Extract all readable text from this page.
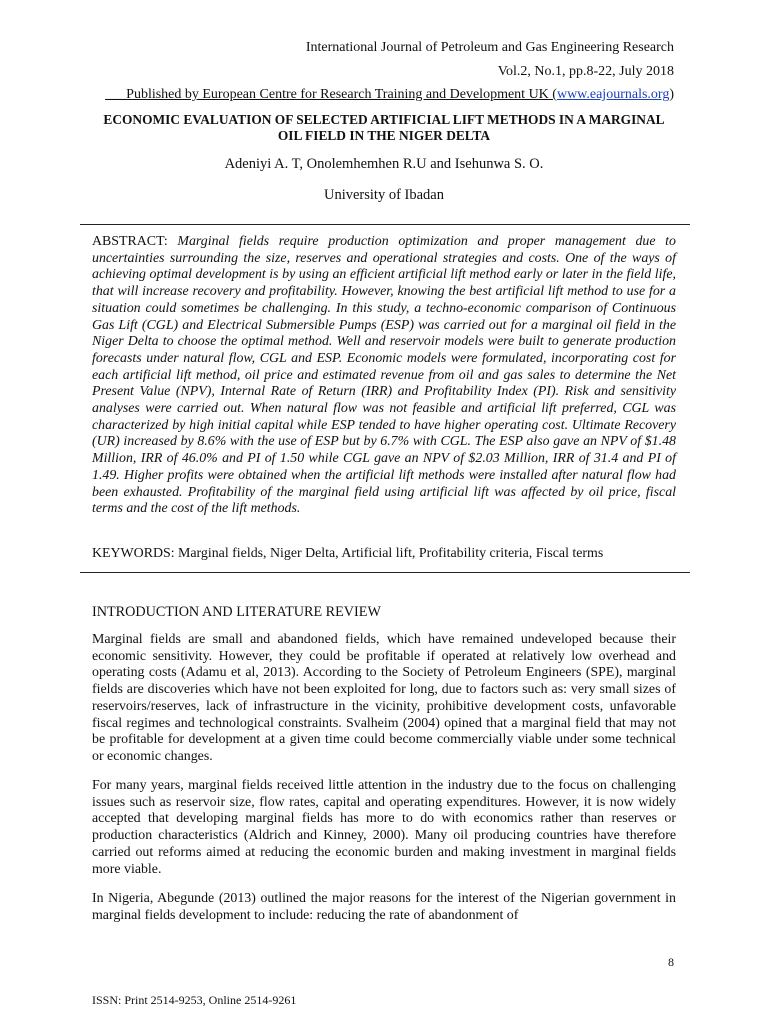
International Journal of Petroleum and Gas Engineering Research
Vol.2, No.1, pp.8-22, July 2018
___Published by European Centre for Research Training and Development UK (www.eajournals.org)
ECONOMIC EVALUATION OF SELECTED ARTIFICIAL LIFT METHODS IN A MARGINAL OIL FIELD IN THE NIGER DELTA
Adeniyi A. T, Onolemhemhen R.U and Isehunwa S. O.
University of Ibadan
ABSTRACT: Marginal fields require production optimization and proper management due to uncertainties surrounding the size, reserves and operational strategies and costs. One of the ways of achieving optimal development is by using an efficient artificial lift method early or later in the field life, that will increase recovery and profitability. However, knowing the best artificial lift method to use for a situation could sometimes be challenging. In this study, a techno-economic comparison of Continuous Gas Lift (CGL) and Electrical Submersible Pumps (ESP) was carried out for a marginal oil field in the Niger Delta to choose the optimal method. Well and reservoir models were built to generate production forecasts under natural flow, CGL and ESP. Economic models were formulated, incorporating cost for each artificial lift method, oil price and estimated revenue from oil and gas sales to determine the Net Present Value (NPV), Internal Rate of Return (IRR) and Profitability Index (PI). Risk and sensitivity analyses were carried out. When natural flow was not feasible and artificial lift preferred, CGL was characterized by high initial capital while ESP tended to have higher operating cost. Ultimate Recovery (UR) increased by 8.6% with the use of ESP but by 6.7% with CGL. The ESP also gave an NPV of $1.48 Million, IRR of 46.0% and PI of 1.50 while CGL gave an NPV of $2.03 Million, IRR of 31.4 and PI of 1.49. Higher profits were obtained when the artificial lift methods were installed after natural flow had been exhausted. Profitability of the marginal field using artificial lift was affected by oil price, fiscal terms and the cost of the lift methods.
KEYWORDS: Marginal fields, Niger Delta, Artificial lift, Profitability criteria, Fiscal terms
INTRODUCTION AND LITERATURE REVIEW
Marginal fields are small and abandoned fields, which have remained undeveloped because their economic sensitivity. However, they could be profitable if operated at relatively low overhead and operating costs (Adamu et al, 2013). According to the Society of Petroleum Engineers (SPE), marginal fields are discoveries which have not been exploited for long, due to factors such as: very small sizes of reservoirs/reserves, lack of infrastructure in the vicinity, prohibitive development costs, unfavorable fiscal regimes and technological constraints. Svalheim (2004) opined that a marginal field that may not be profitable for development at a given time could become commercially viable under some technical or economic changes.
For many years, marginal fields received little attention in the industry due to the focus on challenging issues such as reservoir size, flow rates, capital and operating expenditures. However, it is now widely accepted that developing marginal fields has more to do with economics rather than reserves or production characteristics (Aldrich and Kinney, 2000). Many oil producing countries have therefore carried out reforms aimed at reducing the economic burden and making investment in marginal fields more viable.
In Nigeria, Abegunde (2013) outlined the major reasons for the interest of the Nigerian government in marginal fields development to include: reducing the rate of abandonment of
8
ISSN: Print 2514-9253, Online 2514-9261
